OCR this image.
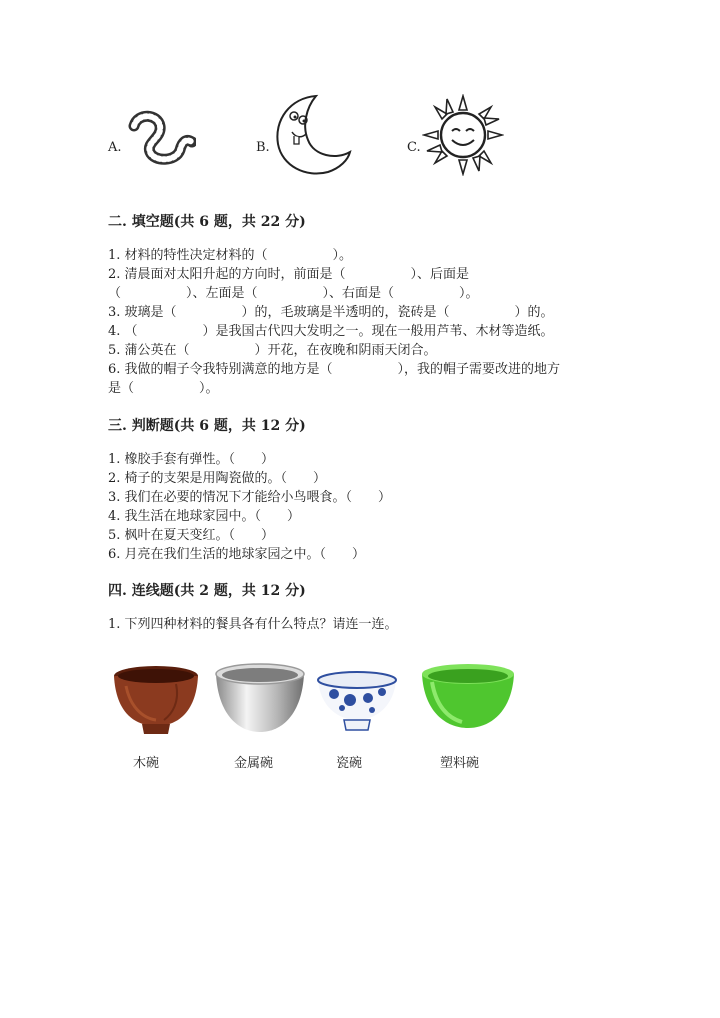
A.	B.	C.
二. 填空题(共 6 题，共 22 分)
1. 材料的特性决定材料的（　　　　　）。
2. 清晨面对太阳升起的方向时，前面是（　　　　　）、后面是
（　　　　　）、左面是（　　　　　）、右面是（　　　　　）。
3. 玻璃是（　　　　　）的，毛玻璃是半透明的，瓷砖是（　　　　　）的。
4. （　　　　　）是我国古代四大发明之一。现在一般用芦苇、木材等造纸。
5. 蒲公英在（　　　　　）开花，在夜晚和阴雨天闭合。
6. 我做的帽子令我特别满意的地方是（　　　　　），我的帽子需要改进的地方
是（　　　　　）。
三. 判断题(共 6 题，共 12 分)
1. 橡胶手套有弹性。（　　）
2. 椅子的支架是用陶瓷做的。（　　）
3. 我们在必要的情况下才能给小鸟喂食。（　　）
4. 我生活在地球家园中。（　　）
5. 枫叶在夏天变红。（　　）
6. 月亮在我们生活的地球家园之中。（　　）
四. 连线题(共 2 题，共 12 分)
1. 下列四种材料的餐具各有什么特点？请连一连。
木碗	金属碗	瓷碗	塑料碗
